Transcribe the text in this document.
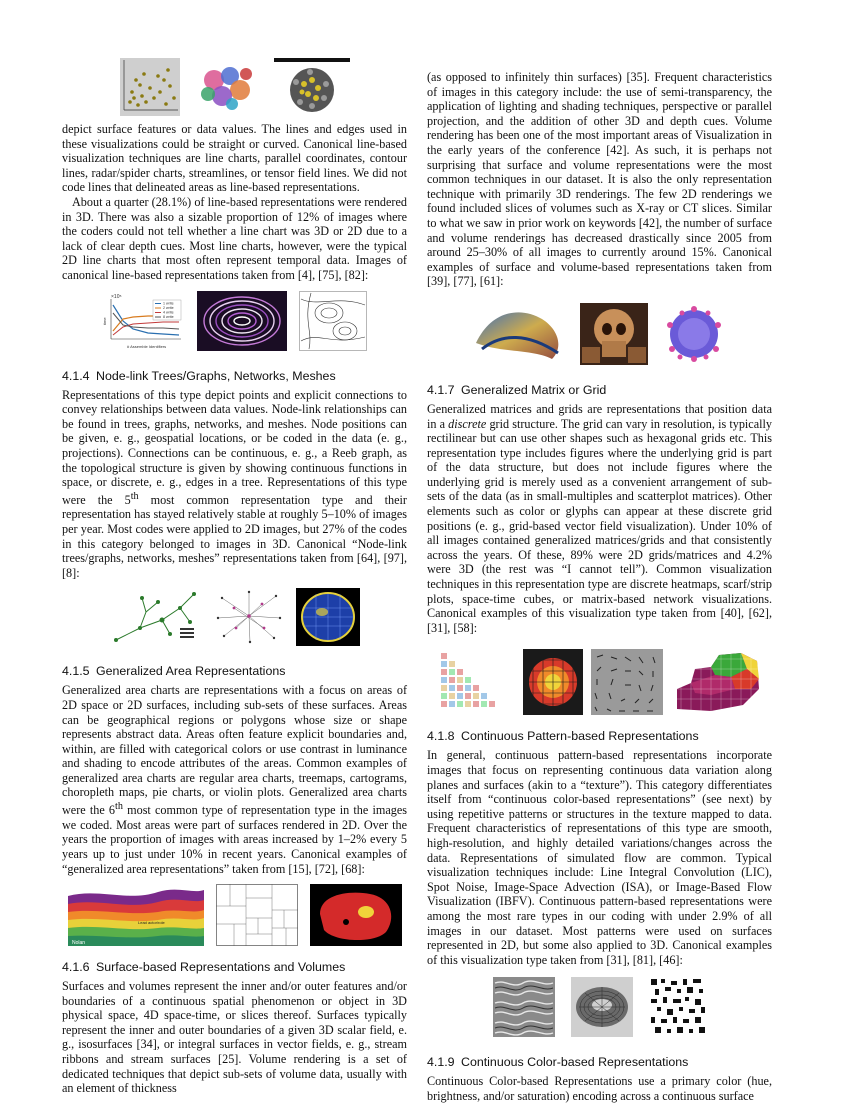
depict surface features or data values. The lines and edges used in these visualizations could be straight or curved. Canonical line-based visualization techniques are line charts, parallel coordinates, contour lines, radar/spider charts, streamlines, or tensor field lines. We did not code lines that delineated areas as line-based representations.

About a quarter (28.1%) of line-based representations were rendered in 3D. There was also a sizable proportion of 12% of images where the coders could not tell whether a line chart was 3D or 2D due to a lack of clear depth cues. Most line charts, however, were the typical 2D line charts that most often represent temporal data. Images of canonical line-based representations taken from [4], [75], [82]:

×10⁵
1 write
2 write
4 write
8 write
# Assemble Identifiers
time
4.1.4 Node-link Trees/Graphs, Networks, Meshes

Representations of this type depict points and explicit connections to convey relationships between data values. Node-link relationships can be found in trees, graphs, networks, and meshes. Node positions can be given, e. g., geospatial locations, or be coded in the data (e. g., projections). Connections can be continuous, e. g., a Reeb graph, as the topological structure is given by showing continuous functions in space, or discrete, e. g., edges in a tree. Representations of this type were the 5th most common representation type and their representation has stayed relatively stable at roughly 5–10% of images per year. Most codes were applied to 2D images, but 27% of the codes in this category belonged to images in 3D. Canonical “Node-link trees/graphs, networks, meshes” representations taken from [64], [97], [8]:

4.1.5 Generalized Area Representations

Generalized area charts are representations with a focus on areas of 2D space or 2D surfaces, including sub-sets of these surfaces. Areas can be geographical regions or polygons whose size or shape represents abstract data. Areas often feature explicit boundaries and, within, are filled with categorical colors or use contrast in luminance and shading to encode attributes of the areas. Common examples of generalized area charts are regular area charts, treemaps, cartograms, choropleth maps, pie charts, or violin plots. Generalized area charts were the 6th most common type of representation type in the images we coded. Most areas were part of surfaces rendered in 2D. Over the years the proportion of images with areas increased by 1–2% every 5 years up to just under 10% in recent years. Canonical examples of “generalized area representations” taken from [15], [72], [68]:

Nolan
Lead actor/role
4.1.6 Surface-based Representations and Volumes

Surfaces and volumes represent the inner and/or outer features and/or boundaries of a continuous spatial phenomenon or object in 3D physical space, 4D space-time, or slices thereof. Surfaces typically represent the inner and outer boundaries of a given 3D scalar field, e. g., isosurfaces [34], or integral surfaces in vector fields, e. g., stream ribbons and stream surfaces [25]. Volume rendering is a set of dedicated techniques that depict sub-sets of volume data, usually with an element of thickness

(as opposed to infinitely thin surfaces) [35]. Frequent characteristics of images in this category include: the use of semi-transparency, the application of lighting and shading techniques, perspective or parallel projection, and the addition of other 3D and depth cues. Volume rendering has been one of the most important areas of Visualization in the early years of the conference [42]. As such, it is perhaps not surprising that surface and volume representations were the most common techniques in our dataset. It is also the only representation technique with primarily 3D renderings. The few 2D renderings we found included slices of volumes such as X-ray or CT slices. Similar to what we saw in prior work on keywords [42], the number of surface and volume renderings has decreased drastically since 2005 from around 25–30% of all images to currently around 15%. Canonical examples of surface and volume-based representations taken from [39], [77], [61]:

4.1.7 Generalized Matrix or Grid

Generalized matrices and grids are representations that position data in a discrete grid structure. The grid can vary in resolution, is typically rectilinear but can use other shapes such as hexagonal grids etc. This representation type includes figures where the underlying grid is part of the data structure, but does not include figures where the underlying grid is merely used as a convenient arrangement of sub-sets of the data (as in small-multiples and scatterplot matrices). Other elements such as color or glyphs can appear at these discrete grid positions (e. g., grid-based vector field visualization). Under 10% of all images contained generalized matrices/grids and that consistently across the years. Of these, 89% were 2D grids/matrices and 4.2% were 3D (the rest was “I cannot tell”). Common visualization techniques in this representation type are discrete heatmaps, scarf/strip plots, space-time cubes, or matrix-based network visualizations. Canonical examples of this visualization type taken from [40], [62], [31], [58]:

4.1.8 Continuous Pattern-based Representations

In general, continuous pattern-based representations incorporate images that focus on representing continuous data variation along planes and surfaces (akin to a “texture”). This category differentiates itself from “continuous color-based representations” (see next) by using repetitive patterns or structures in the texture mapped to data. Frequent characteristics of representations of this type are smooth, high-resolution, and highly detailed variations/changes across the data. Representations of simulated flow are common. Typical visualization techniques include: Line Integral Convolution (LIC), Spot Noise, Image-Space Advection (ISA), or Image-Based Flow Visualization (IBFV). Continuous pattern-based representations were among the most rare types in our coding with under 2.9% of all images in our dataset. Most patterns were used on surfaces represented in 2D, but some also applied to 3D. Canonical examples of this visualization type taken from [31], [81], [46]:

4.1.9 Continuous Color-based Representations

Continuous Color-based Representations use a primary color (hue, brightness, and/or saturation) encoding across a continuous surface
